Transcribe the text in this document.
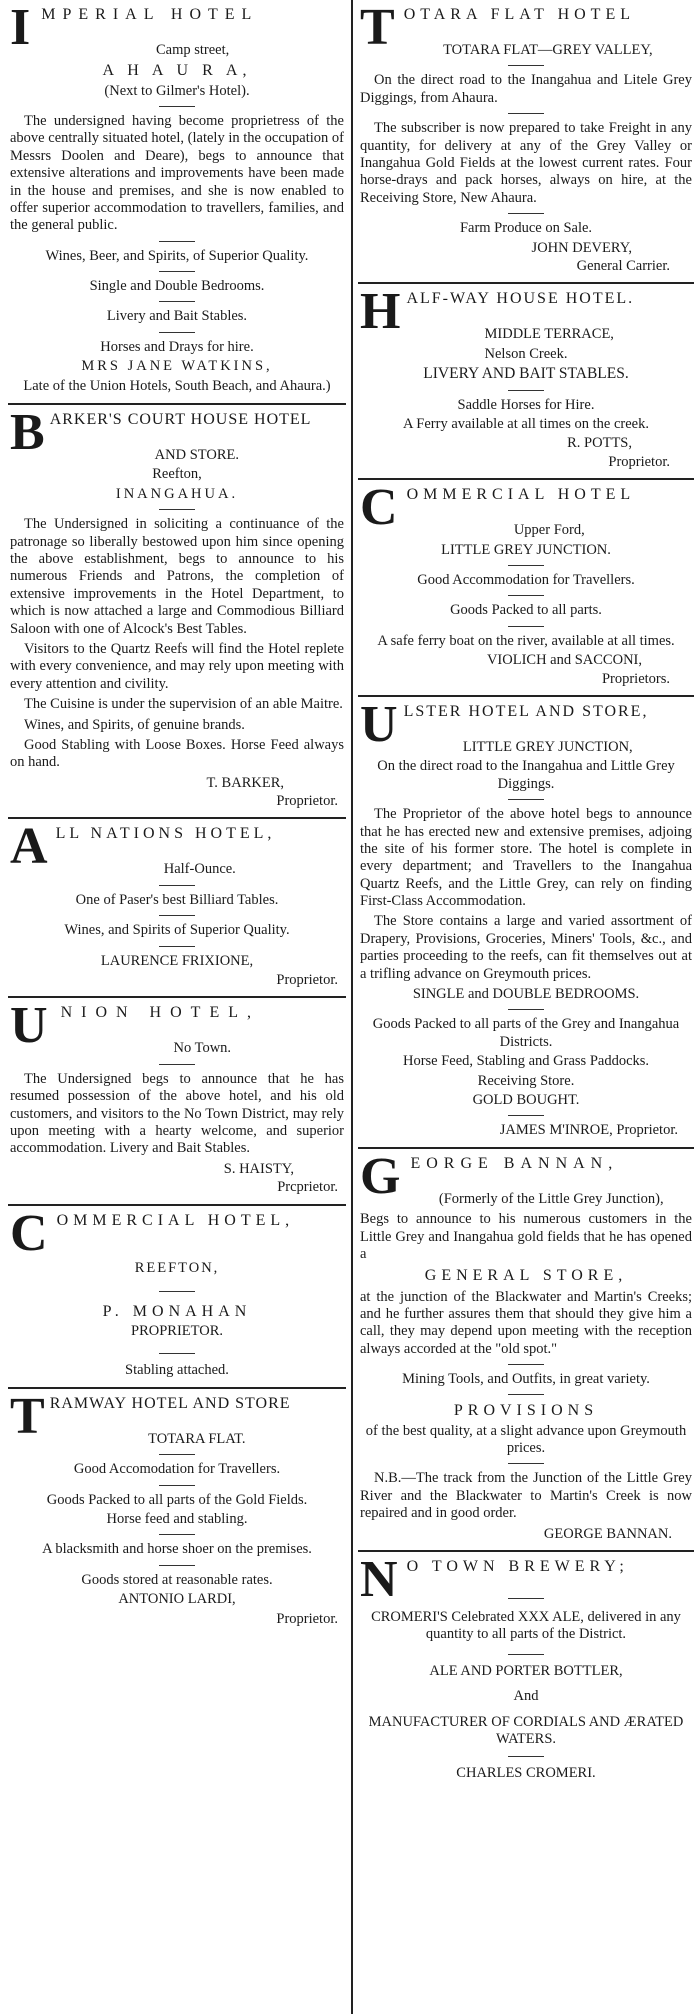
IMPERIAL HOTEL
Camp street,
A H A U R A,
(Next to Gilmer's Hotel).
The undersigned having become proprietress of the above centrally situated hotel, (lately in the occupation of Messrs Doolen and Deare), begs to announce that extensive alterations and improvements have been made in the house and premises, and she is now enabled to offer superior accommodation to travellers, families, and the general public.
Wines, Beer, and Spirits, of Superior Quality.
Single and Double Bedrooms.
Livery and Bait Stables.
Horses and Drays for hire.
MRS JANE WATKINS,
Late of the Union Hotels, South Beach, and Ahaura.)
BARKER'S COURT HOUSE HOTEL
AND STORE.
Reefton,
INANGAHUA.
The Undersigned in soliciting a continuance of the patronage so liberally bestowed upon him since opening the above establishment, begs to announce to his numerous Friends and Patrons, the completion of extensive improvements in the Hotel Department, to which is now attached a large and Commodious Billiard Saloon with one of Alcock's Best Tables.
Visitors to the Quartz Reefs will find the Hotel replete with every convenience, and may rely upon meeting with every attention and civility.
The Cuisine is under the supervision of an able Maitre.
Wines, and Spirits, of genuine brands.
Good Stabling with Loose Boxes. Horse Feed always on hand.
T. BARKER,
Proprietor.
ALL NATIONS HOTEL,
Half-Ounce.
One of Paser's best Billiard Tables.
Wines, and Spirits of Superior Quality.
LAURENCE FRIXIONE,
Proprietor.
UNION HOTEL,
No Town.
The Undersigned begs to announce that he has resumed possession of the above hotel, and his old customers, and visitors to the No Town District, may rely upon meeting with a hearty welcome, and superior accommodation. Livery and Bait Stables.
S. HAISTY,
Prcprietor.
COMMERCIAL HOTEL,
REEFTON,
P. MONAHAN
PROPRIETOR.
Stabling attached.
TRAMWAY HOTEL AND STORE
TOTARA FLAT.
Good Accomodation for Travellers.
Goods Packed to all parts of the Gold Fields.
Horse feed and stabling.
A blacksmith and horse shoer on the premises.
Goods stored at reasonable rates.
ANTONIO LARDI,
Proprietor.
TOTARA FLAT HOTEL
TOTARA FLAT—GREY VALLEY,
On the direct road to the Inangahua and Litele Grey Diggings, from Ahaura.
The subscriber is now prepared to take Freight in any quantity, for delivery at any of the Grey Valley or Inangahua Gold Fields at the lowest current rates. Four horse-drays and pack horses, always on hire, at the Receiving Store, New Ahaura.
Farm Produce on Sale.
JOHN DEVERY,
General Carrier.
HALF-WAY HOUSE HOTEL.
MIDDLE TERRACE,
Nelson Creek.
LIVERY AND BAIT STABLES.
Saddle Horses for Hire.
A Ferry available at all times on the creek.
R. POTTS,
Proprietor.
COMMERCIAL HOTEL
Upper Ford,
LITTLE GREY JUNCTION.
Good Accommodation for Travellers.
Goods Packed to all parts.
A safe ferry boat on the river, available at all times.
VIOLICH and SACCONI,
Proprietors.
ULSTER HOTEL AND STORE,
LITTLE GREY JUNCTION,
On the direct road to the Inangahua and Little Grey Diggings.
The Proprietor of the above hotel begs to announce that he has erected new and extensive premises, adjoing the site of his former store. The hotel is complete in every department; and Travellers to the Inangahua Quartz Reefs, and the Little Grey, can rely on finding First-Class Accommodation.
The Store contains a large and varied assortment of Drapery, Provisions, Groceries, Miners' Tools, &c., and parties proceeding to the reefs, can fit themselves out at a trifling advance on Greymouth prices.
SINGLE and DOUBLE BEDROOMS.
Goods Packed to all parts of the Grey and Inangahua Districts.
Horse Feed, Stabling and Grass Paddocks.
Receiving Store.
GOLD BOUGHT.
JAMES M'INROE, Proprietor.
GEORGE BANNAN,
(Formerly of the Little Grey Junction),
Begs to announce to his numerous customers in the Little Grey and Inangahua gold fields that he has opened a
GENERAL STORE,
at the junction of the Blackwater and Martin's Creeks; and he further assures them that should they give him a call, they may depend upon meeting with the reception always accorded at the "old spot."
Mining Tools, and Outfits, in great variety.
PROVISIONS
of the best quality, at a slight advance upon Greymouth prices.
N.B.—The track from the Junction of the Little Grey River and the Blackwater to Martin's Creek is now repaired and in good order.
GEORGE BANNAN.
N O TOWN BREWERY;
CROMERI'S Celebrated XXX ALE, delivered in any quantity to all parts of the District.
ALE AND PORTER BOTTLER,
And
MANUFACTURER OF CORDIALS AND ÆRATED WATERS.
CHARLES CROMERI.
